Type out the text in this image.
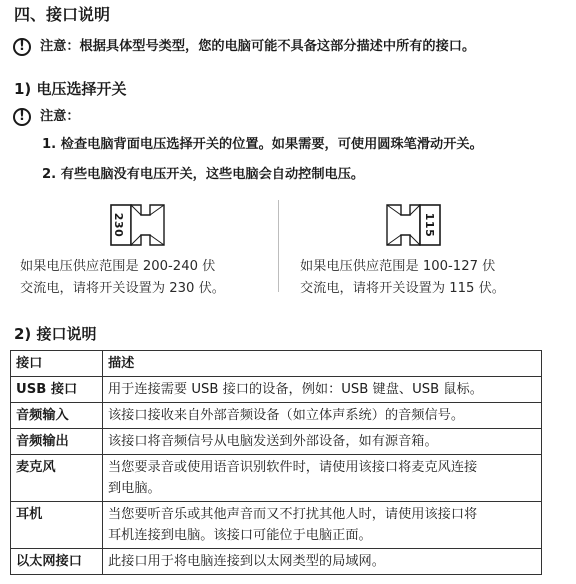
四、接口说明
!	注意：根据具体型号类型，您的电脑可能不具备这部分描述中所有的接口。
1) 电压选择开关
!	注意：
1. 检查电脑背面电压选择开关的位置。如果需要，可使用圆珠笔滑动开关。
2. 有些电脑没有电压开关，这些电脑会自动控制电压。
230	115
如果电压供应范围是 200-240 伏
交流电，请将开关设置为 230 伏。
如果电压供应范围是 100-127 伏
交流电，请将开关设置为 115 伏。
2) 接口说明
接口	描述
USB 接口	用于连接需要 USB 接口的设备，例如：USB 键盘、USB 鼠标。
音频输入	该接口接收来自外部音频设备（如立体声系统）的音频信号。
音频输出	该接口将音频信号从电脑发送到外部设备，如有源音箱。
麦克风	当您要录音或使用语音识别软件时，请使用该接口将麦克风连接
到电脑。

耳机	当您要听音乐或其他声音而又不打扰其他人时，请使用该接口将
耳机连接到电脑。该接口可能位于电脑正面。

以太网接口	此接口用于将电脑连接到以太网类型的局域网。
